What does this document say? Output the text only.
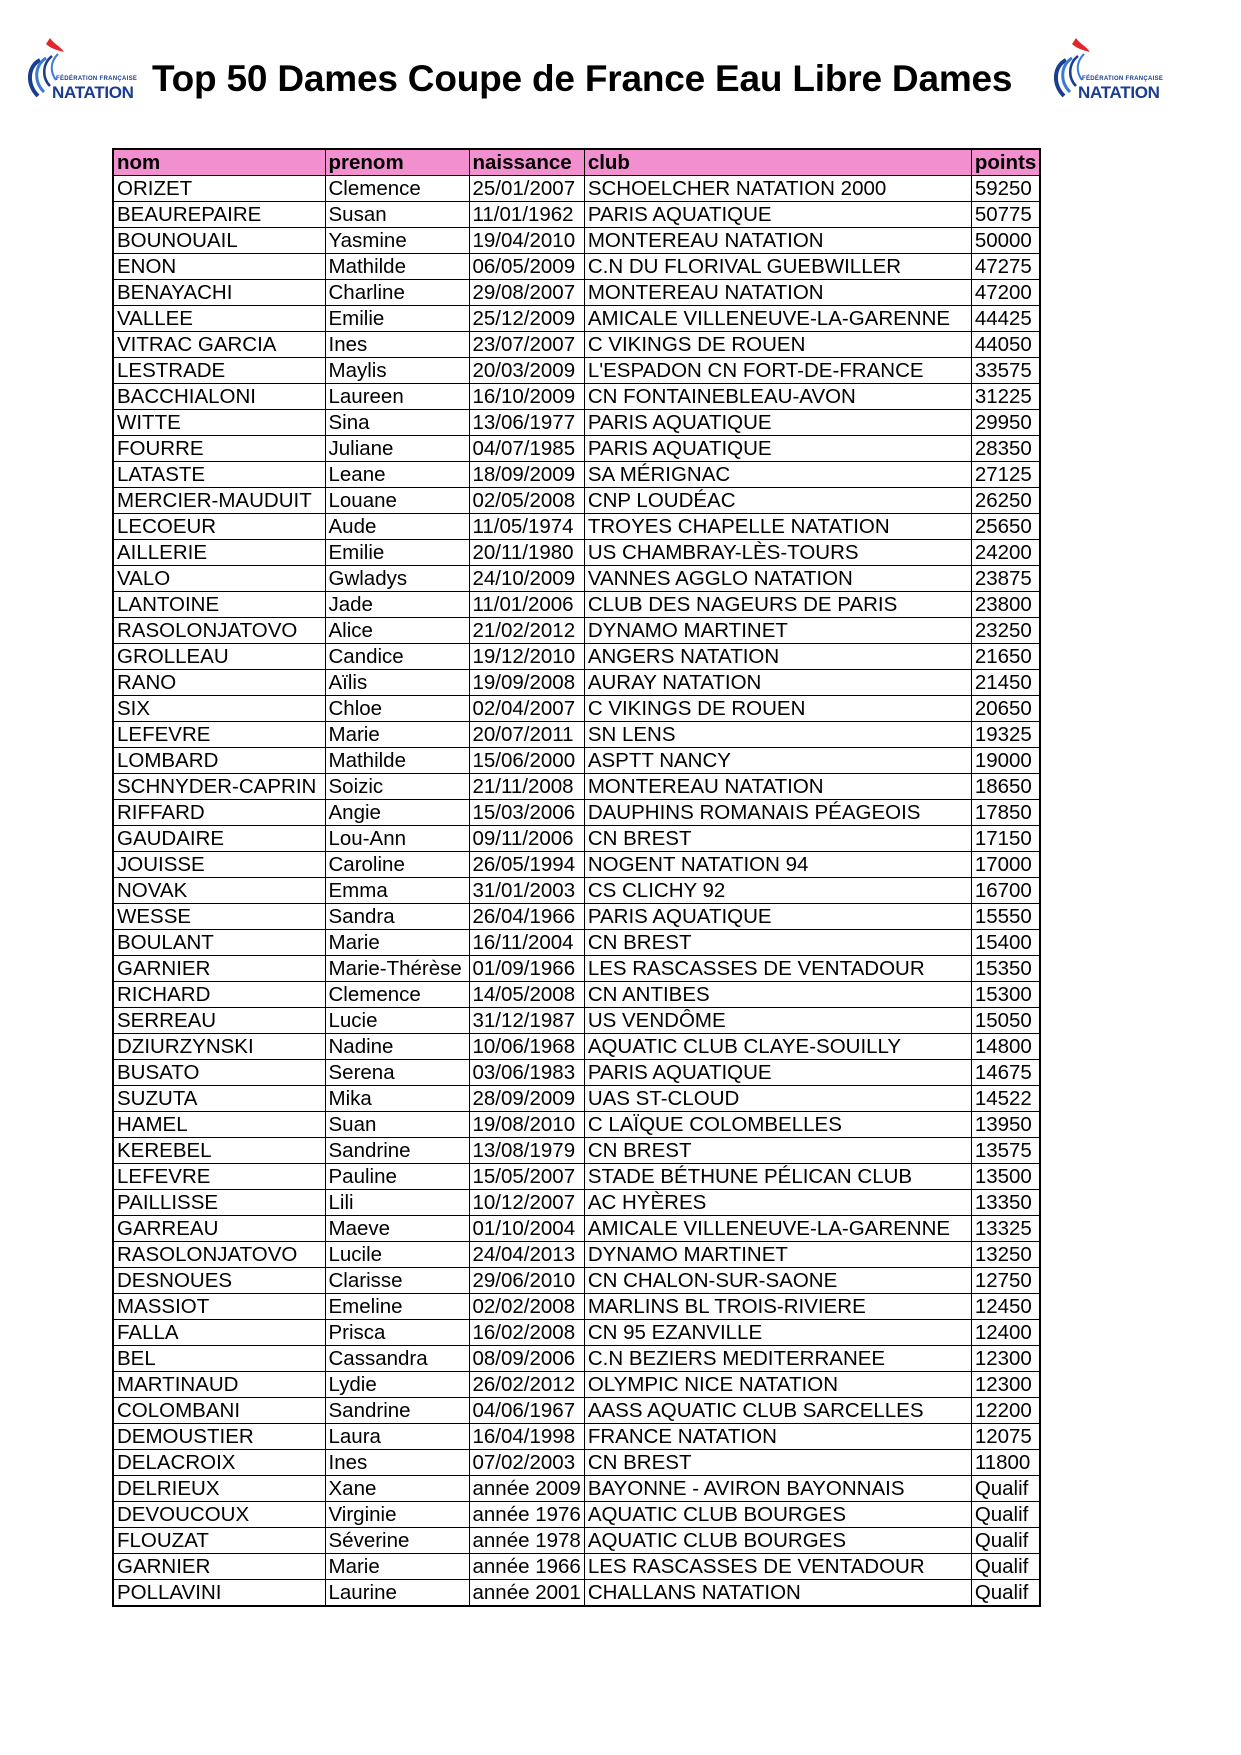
FÉDÉRATION FRANÇAISE
NATATION Top 50 Dames Coupe de France Eau Libre Dames	FÉDÉRATION FRANÇAISE
NATATION
nom	prenom	naissance	club	points
ORIZET	Clemence	25/01/2007	SCHOELCHER NATATION 2000	59250
BEAUREPAIRE	Susan	11/01/1962	PARIS AQUATIQUE	50775
BOUNOUAIL	Yasmine	19/04/2010	MONTEREAU NATATION	50000
ENON	Mathilde	06/05/2009	C.N DU FLORIVAL GUEBWILLER	47275
BENAYACHI	Charline	29/08/2007	MONTEREAU NATATION	47200
VALLEE	Emilie	25/12/2009	AMICALE VILLENEUVE-LA-GARENNE	44425
VITRAC GARCIA	Ines	23/07/2007	C VIKINGS DE ROUEN	44050
LESTRADE	Maylis	20/03/2009	L'ESPADON CN FORT-DE-FRANCE	33575
BACCHIALONI	Laureen	16/10/2009	CN FONTAINEBLEAU-AVON	31225
WITTE	Sina	13/06/1977	PARIS AQUATIQUE	29950
FOURRE	Juliane	04/07/1985	PARIS AQUATIQUE	28350
LATASTE	Leane	18/09/2009	SA MÉRIGNAC	27125
MERCIER-MAUDUIT	Louane	02/05/2008	CNP LOUDÉAC	26250
LECOEUR	Aude	11/05/1974	TROYES CHAPELLE NATATION	25650
AILLERIE	Emilie	20/11/1980	US CHAMBRAY-LÈS-TOURS	24200
VALO	Gwladys	24/10/2009	VANNES AGGLO NATATION	23875
LANTOINE	Jade	11/01/2006	CLUB DES NAGEURS DE PARIS	23800
RASOLONJATOVO	Alice	21/02/2012	DYNAMO MARTINET	23250
GROLLEAU	Candice	19/12/2010	ANGERS NATATION	21650
RANO	Aïlis	19/09/2008	AURAY NATATION	21450
SIX	Chloe	02/04/2007	C VIKINGS DE ROUEN	20650
LEFEVRE	Marie	20/07/2011	SN LENS	19325
LOMBARD	Mathilde	15/06/2000	ASPTT NANCY	19000
SCHNYDER-CAPRIN	Soizic	21/11/2008	MONTEREAU NATATION	18650
RIFFARD	Angie	15/03/2006	DAUPHINS ROMANAIS PÉAGEOIS	17850
GAUDAIRE	Lou-Ann	09/11/2006	CN BREST	17150
JOUISSE	Caroline	26/05/1994	NOGENT NATATION 94	17000
NOVAK	Emma	31/01/2003	CS CLICHY 92	16700
WESSE	Sandra	26/04/1966	PARIS AQUATIQUE	15550
BOULANT	Marie	16/11/2004	CN BREST	15400
GARNIER	Marie-Thérèse	01/09/1966	LES RASCASSES DE VENTADOUR	15350
RICHARD	Clemence	14/05/2008	CN ANTIBES	15300
SERREAU	Lucie	31/12/1987	US VENDÔME	15050
DZIURZYNSKI	Nadine	10/06/1968	AQUATIC CLUB CLAYE-SOUILLY	14800
BUSATO	Serena	03/06/1983	PARIS AQUATIQUE	14675
SUZUTA	Mika	28/09/2009	UAS ST-CLOUD	14522
HAMEL	Suan	19/08/2010	C LAÏQUE COLOMBELLES	13950
KEREBEL	Sandrine	13/08/1979	CN BREST	13575
LEFEVRE	Pauline	15/05/2007	STADE BÉTHUNE PÉLICAN CLUB	13500
PAILLISSE	Lili	10/12/2007	AC HYÈRES	13350
GARREAU	Maeve	01/10/2004	AMICALE VILLENEUVE-LA-GARENNE	13325
RASOLONJATOVO	Lucile	24/04/2013	DYNAMO MARTINET	13250
DESNOUES	Clarisse	29/06/2010	CN CHALON-SUR-SAONE	12750
MASSIOT	Emeline	02/02/2008	MARLINS BL TROIS-RIVIERE	12450
FALLA	Prisca	16/02/2008	CN 95 EZANVILLE	12400
BEL	Cassandra	08/09/2006	C.N BEZIERS MEDITERRANEE	12300
MARTINAUD	Lydie	26/02/2012	OLYMPIC NICE NATATION	12300
COLOMBANI	Sandrine	04/06/1967	AASS AQUATIC CLUB SARCELLES	12200
DEMOUSTIER	Laura	16/04/1998	FRANCE NATATION	12075
DELACROIX	Ines	07/02/2003	CN BREST	11800
DELRIEUX	Xane	année 2009	BAYONNE - AVIRON BAYONNAIS	Qualif
DEVOUCOUX	Virginie	année 1976	AQUATIC CLUB BOURGES	Qualif
FLOUZAT	Séverine	année 1978	AQUATIC CLUB BOURGES	Qualif
GARNIER	Marie	année 1966	LES RASCASSES DE VENTADOUR	Qualif
POLLAVINI	Laurine	année 2001	CHALLANS NATATION	Qualif
